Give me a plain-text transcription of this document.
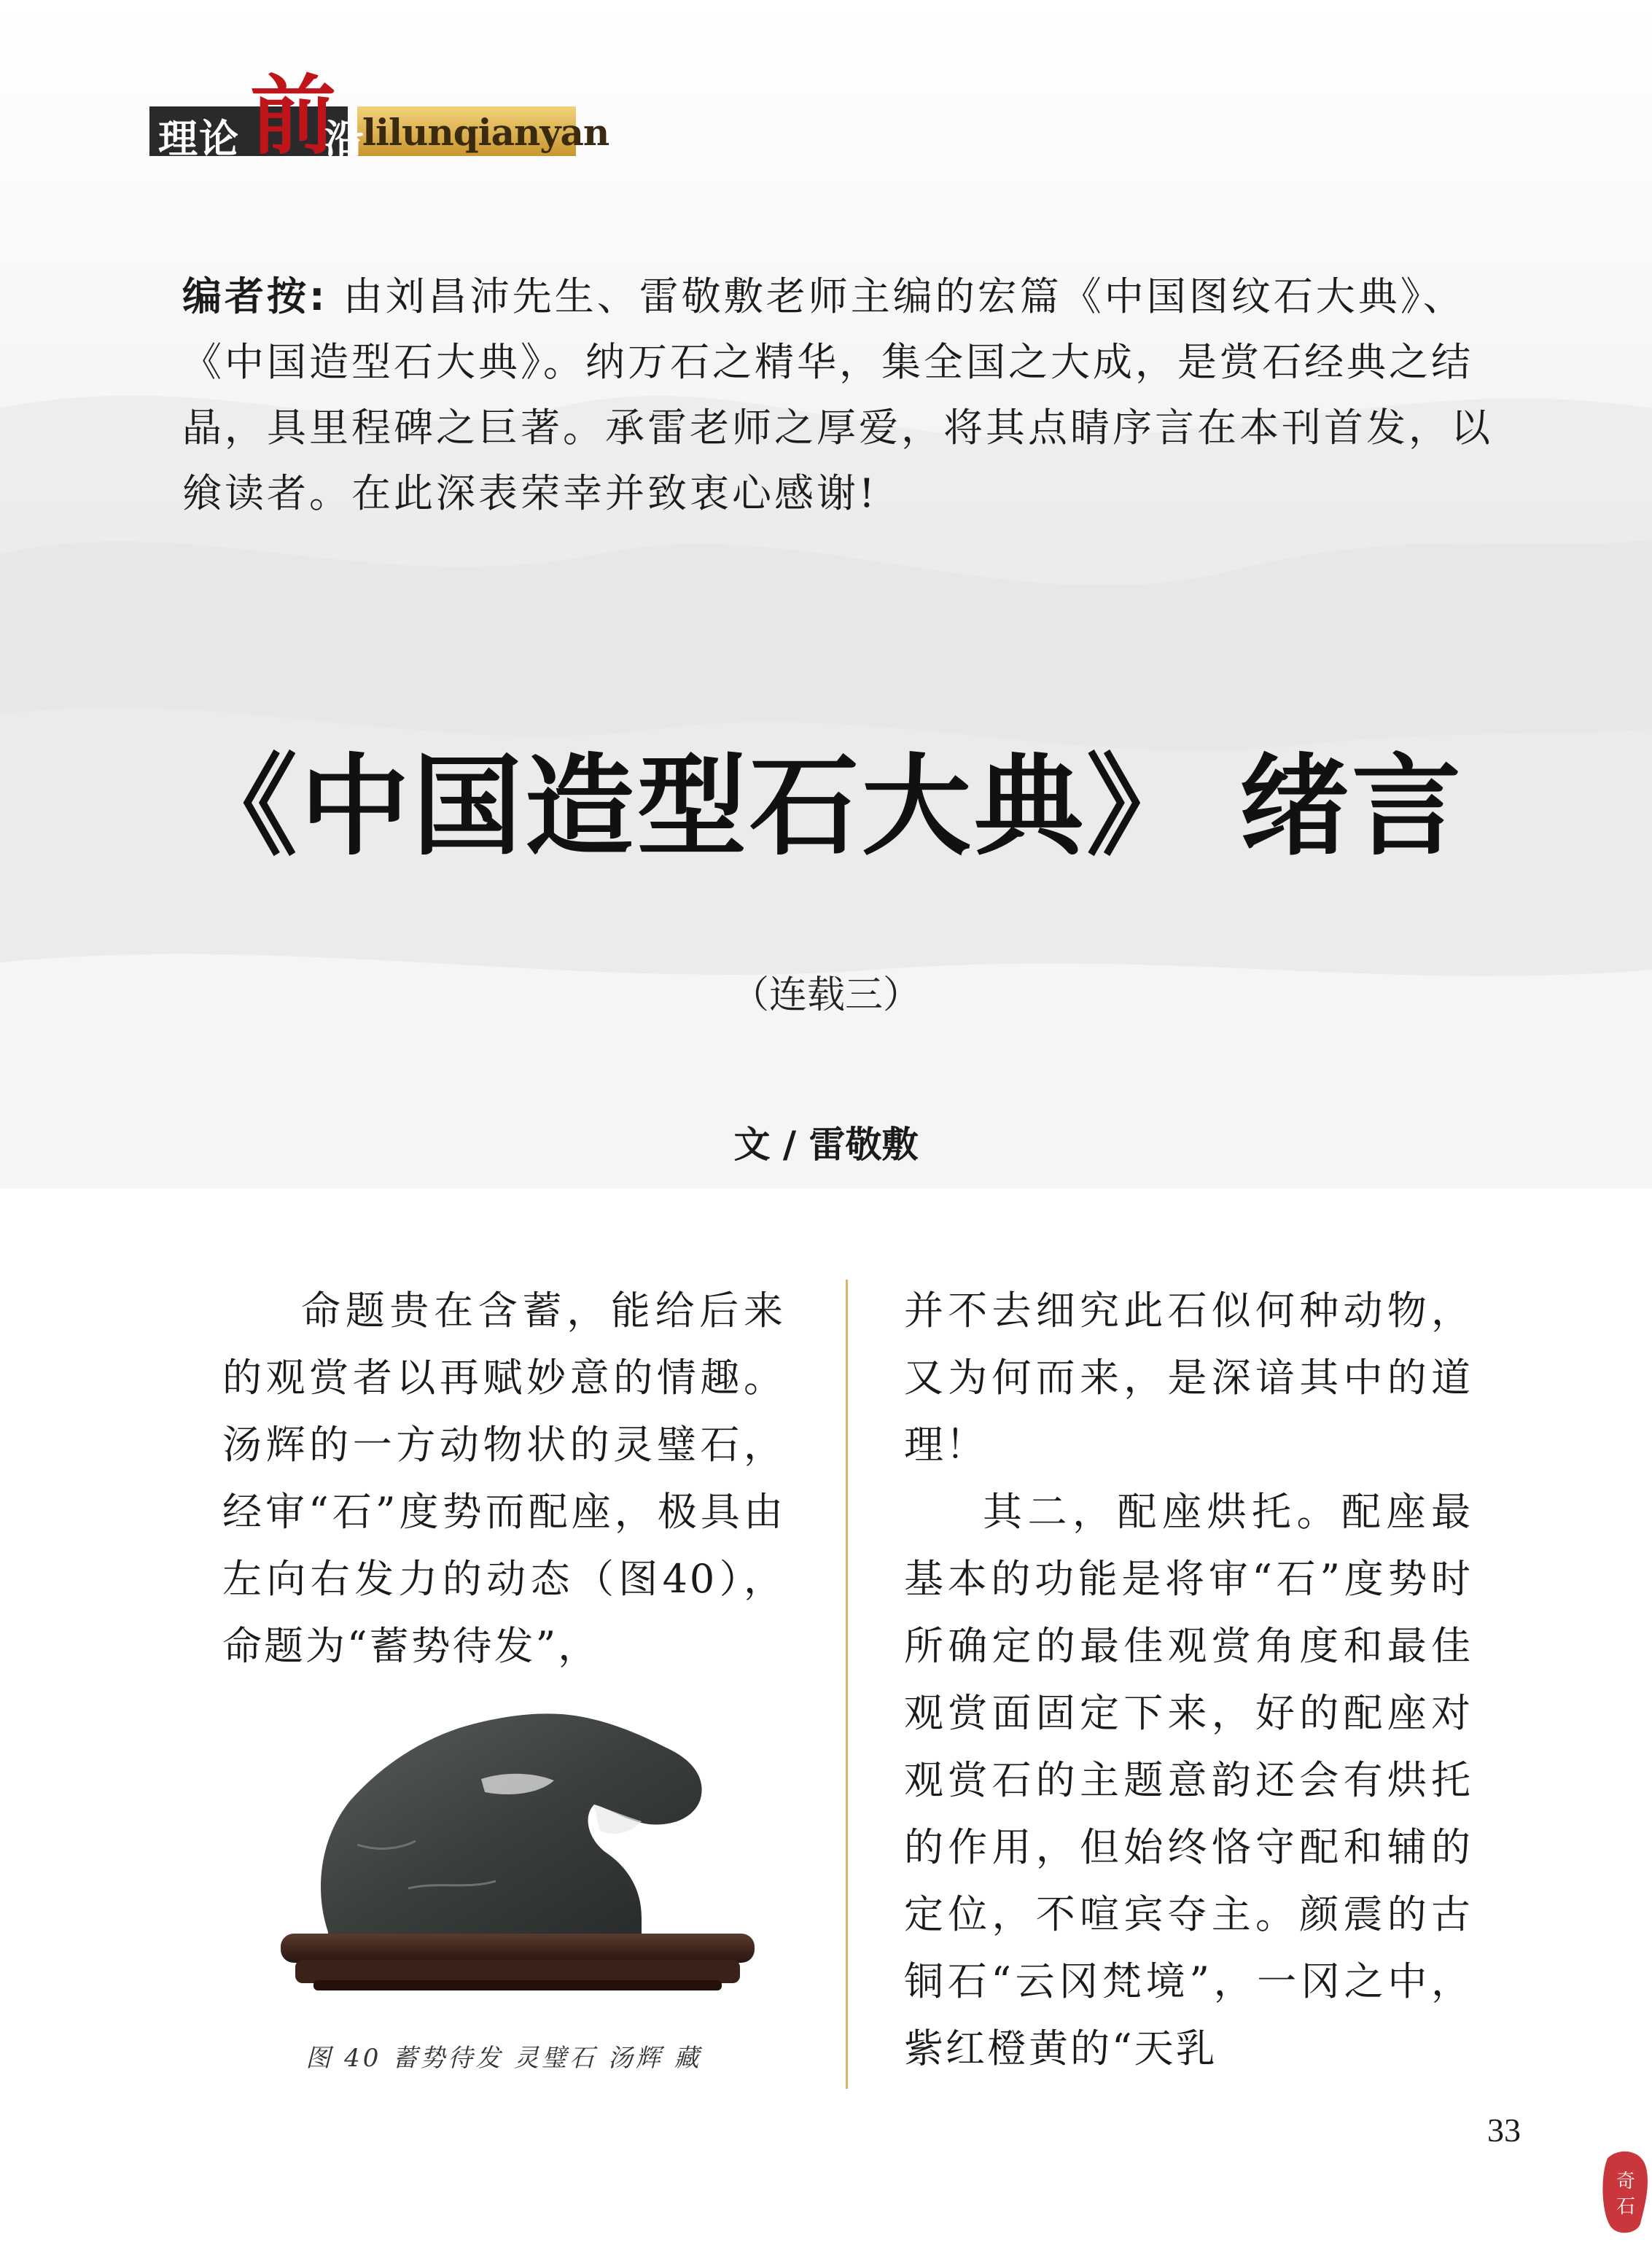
理论 前
沿
lilunqianyan
编者按: 由刘昌沛先生、雷敬敷老师主编的宏篇《中国图纹石大典》、《中国造型石大典》。纳万石之精华，集全国之大成，是赏石经典之结晶，具里程碑之巨著。承雷老师之厚爱，将其点睛序言在本刊首发，以飨读者。在此深表荣幸并致衷心感谢!
《中国造型石大典》 绪言
（连载三）
文 / 雷敬敷

命题贵在含蓄，能给后来的观赏者以再赋妙意的情趣。汤辉的一方动物状的灵璧石，经审“石”度势而配座，极具由左向右发力的动态（图40），命题为“蓄势待发”，

图 40 蓄势待发 灵璧石 汤辉 藏

并不去细究此石似何种动物，又为何而来，是深谙其中的道理！

其二，配座烘托。配座最基本的功能是将审“石”度势时所确定的最佳观赏角度和最佳观赏面固定下来，好的配座对观赏石的主题意韵还会有烘托的作用，但始终恪守配和辅的定位，不喧宾夺主。颜震的古铜石“云冈梵境”，一冈之中，紫红橙黄的“天乳

33
奇
石
